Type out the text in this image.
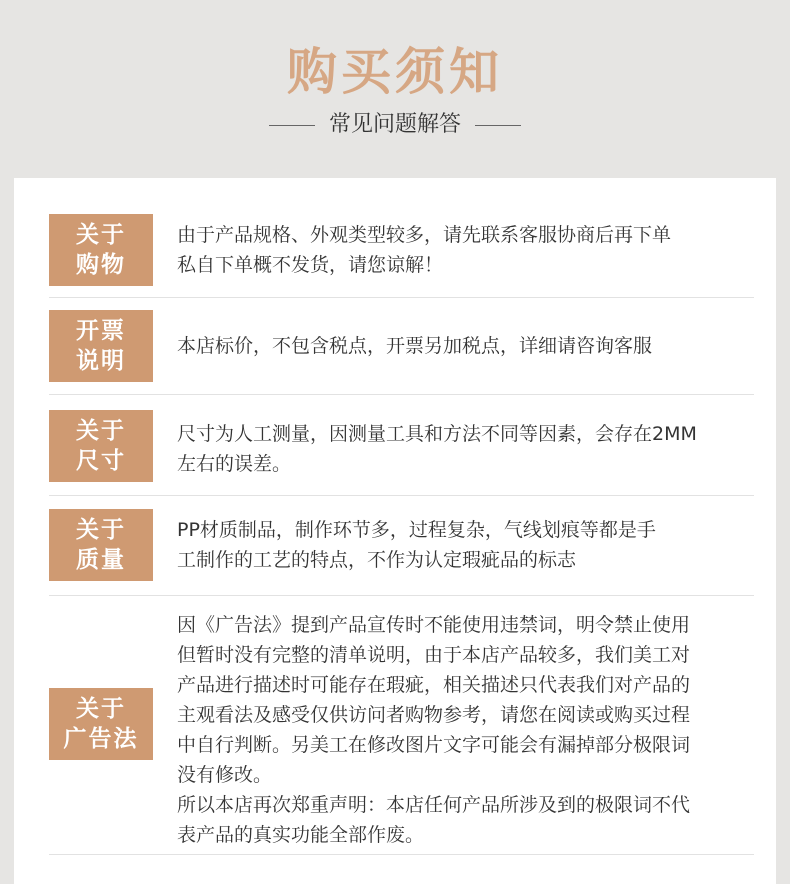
购买须知
常见问题解答
关于
购物
由于产品规格、外观类型较多，请先联系客服协商后再下单
私自下单概不发货，请您谅解！
开票
说明
本店标价，不包含税点，开票另加税点，详细请咨询客服
关于
尺寸
尺寸为人工测量，因测量工具和方法不同等因素，会存在2MM
左右的误差。
关于
质量
PP材质制品，制作环节多，过程复杂，气线划痕等都是手
工制作的工艺的特点，不作为认定瑕疵品的标志
关于
广告法
因《广告法》提到产品宣传时不能使用违禁词，明令禁止使用
但暂时没有完整的清单说明，由于本店产品较多，我们美工对
产品进行描述时可能存在瑕疵，相关描述只代表我们对产品的
主观看法及感受仅供访问者购物参考，请您在阅读或购买过程
中自行判断。另美工在修改图片文字可能会有漏掉部分极限词
没有修改。
所以本店再次郑重声明：本店任何产品所涉及到的极限词不代
表产品的真实功能全部作废。
